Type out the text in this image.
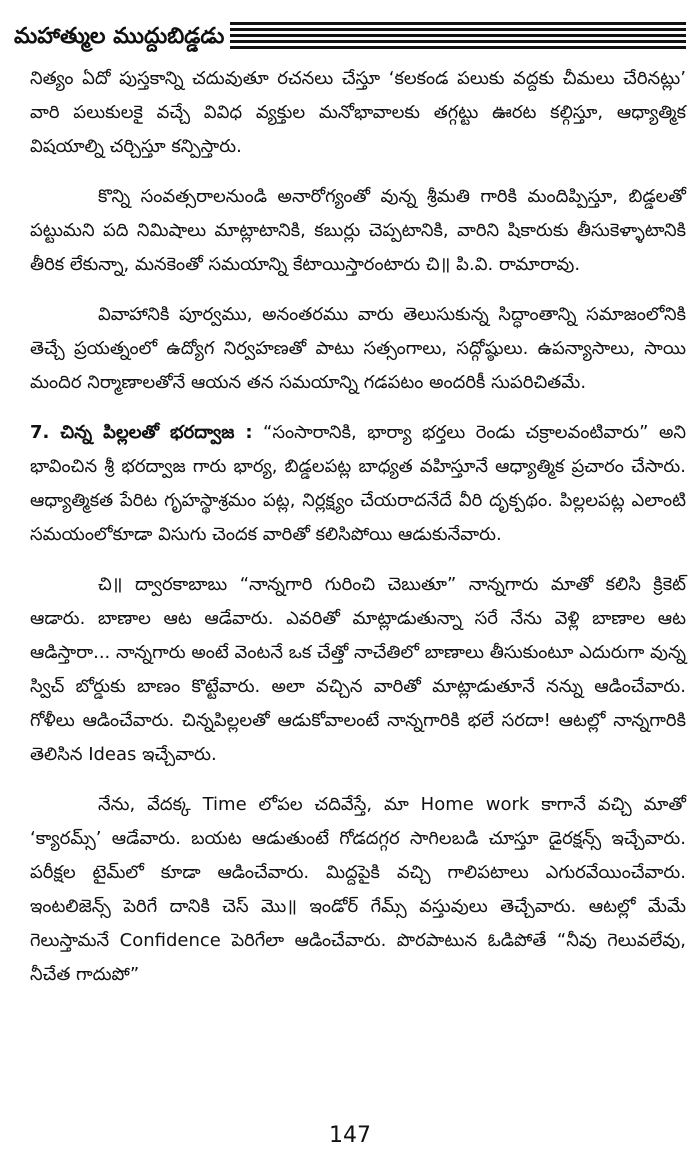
మహాత్ముల ముద్దుబిడ్డడు

నిత్యం ఏదో పుస్తకాన్ని చదువుతూ రచనలు చేస్తూ ‘కలకండ పలుకు వద్దకు చీమలు చేరినట్లు’ వారి పలుకులకై వచ్చే వివిధ వ్యక్తుల మనోభావాలకు తగ్గట్టు ఊరట కల్గిస్తూ, ఆధ్యాత్మిక విషయాల్ని చర్చిస్తూ కన్పిస్తారు.

కొన్ని సంవత్సరాలనుండి అనారోగ్యంతో వున్న శ్రీమతి గారికి మందిప్పిస్తూ, బిడ్డలతో పట్టుమని పది నిమిషాలు మాట్లాటానికి, కబుర్లు చెప్పటానికి, వారిని షికారుకు తీసుకెళ్ళాటానికి తీరిక లేకున్నా, మనకెంతో సమయాన్ని కేటాయిస్తారంటారు చి॥ పి.వి. రామారావు.

వివాహానికి పూర్వము, అనంతరము వారు తెలుసుకున్న సిద్ధాంతాన్ని సమాజంలోనికి తెచ్చే ప్రయత్నంలో ఉద్యోగ నిర్వహణతో పాటు సత్సంగాలు, సద్గోష్ఠులు. ఉపన్యాసాలు, సాయి మందిర నిర్మాణాలతోనే ఆయన తన సమయాన్ని గడపటం అందరికీ సుపరిచితమే.

7. చిన్న పిల్లలతో భరద్వాజ : “సంసారానికి, భార్యా భర్తలు రెండు చక్రాలవంటివారు” అని భావించిన శ్రీ భరద్వాజ గారు భార్య, బిడ్డలపట్ల బాధ్యత వహిస్తూనే ఆధ్యాత్మిక ప్రచారం చేసారు. ఆధ్యాత్మికత పేరిట గృహస్థాశ్రమం పట్ల, నిర్లక్ష్యం చేయరాదనేదే వీరి దృక్పథం. పిల్లలపట్ల ఎలాంటి సమయంలోకూడా విసుగు చెందక వారితో కలిసిపోయి ఆడుకునేవారు.

చి॥ ద్వారకాబాబు “నాన్నగారి గురించి చెబుతూ” నాన్నగారు మాతో కలిసి క్రికెట్ ఆడారు. బాణాల ఆట ఆడేవారు. ఎవరితో మాట్లాడుతున్నా సరే నేను వెళ్లి బాణాల ఆట ఆడిస్తారా... నాన్నగారు అంటే వెంటనే ఒక చేత్తో నాచేతిలో బాణాలు తీసుకుంటూ ఎదురుగా వున్న స్విచ్ బోర్డుకు బాణం కొట్టేవారు. అలా వచ్చిన వారితో మాట్లాడుతూనే నన్ను ఆడించేవారు. గోళీలు ఆడించేవారు. చిన్నపిల్లలతో ఆడుకోవాలంటే నాన్నగారికి భలే సరదా! ఆటల్లో నాన్నగారికి తెలిసిన Ideas ఇచ్చేవారు.

నేను, వేదక్క Time లోపల చదివేస్తే, మా Home work కాగానే వచ్చి మాతో ‘క్యారమ్స్’ ఆడేవారు. బయట ఆడుతుంటే గోడదగ్గర సాగిలబడి చూస్తూ డైరక్షన్స్ ఇచ్చేవారు. పరీక్షల టైమ్‌లో కూడా ఆడించేవారు. మిద్దపైకి వచ్చి గాలిపటాలు ఎగురవేయించేవారు. ఇంటలిజెన్స్ పెరిగే దానికి చెస్ మొ॥ ఇండోర్ గేమ్స్ వస్తువులు తెచ్చేవారు. ఆటల్లో మేమే గెలుస్తామనే Confidence పెరిగేలా ఆడించేవారు. పొరపాటున ఓడిపోతే “నీవు గెలువలేవు, నీచేత గాదుపో”

147
